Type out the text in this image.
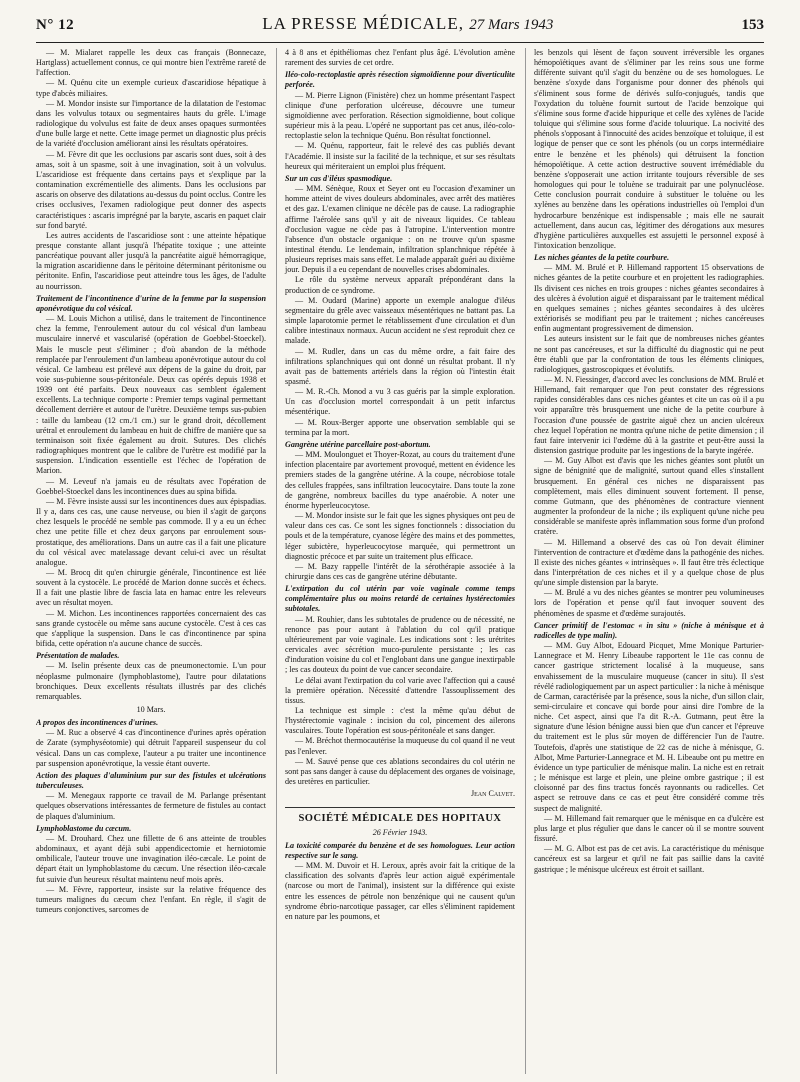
N° 12	LA PRESSE MÉDICALE, 27 Mars 1943	153

— M. Mialaret rappelle les deux cas français (Bonnecaze, Hartglass) actuellement connus, ce qui montre bien l'extrême rareté de l'affection.

— M. Quénu cite un exemple curieux d'ascaridiose hépatique à type d'abcès miliaires.

— M. Mondor insiste sur l'importance de la dilatation de l'estomac dans les volvulus totaux ou segmentaires hauts du grêle. L'image radiologique du volvulus est faite de deux anses opaques surmontées d'une bulle large et nette. Cette image permet un diagnostic plus précis de la variété d'occlusion améliorant ainsi les résultats opératoires.

— M. Fèvre dit que les occlusions par ascaris sont dues, soit à des amas, soit à un spasme, soit à une invagination, soit à un volvulus. L'ascaridiose est fréquente dans certains pays et s'explique par la contamination excrémentielle des aliments. Dans les occlusions par ascaris on observe des dilatations au-dessus du point occlus. Contre les crises occlusives, l'examen radiologique peut donner des aspects caractéristiques : ascaris imprégné par la baryte, ascaris en paquet clair sur fond baryté.

Les autres accidents de l'ascaridiose sont : une atteinte hépatique presque constante allant jusqu'à l'hépatite toxique ; une atteinte pancréatique pouvant aller jusqu'à la pancréatite aiguë hémorragique, la migration ascaridienne dans le péritoine déterminant péritonisme ou péritonite. Enfin, l'ascaridiose peut atteindre tous les âges, de l'adulte au nourrisson.

Traitement de l'incontinence d'urine de la femme par la suspension aponévrotique du col vésical.

— M. Louis Michon a utilisé, dans le traitement de l'incontinence chez la femme, l'enroulement autour du col vésical d'un lambeau musculaire innervé et vascularisé (opération de Goebbel-Stoeckel). Mais le muscle peut s'éliminer ; d'où abandon de la méthode remplacée par l'enroulement d'un lambeau aponévrotique autour du col vésical. Ce lambeau est prélevé aux dépens de la gaine du droit, par voie sus-pubienne sous-péritonéale. Deux cas opérés depuis 1938 et 1939 ont été parfaits. Deux nouveaux cas semblent également excellents. La technique comporte : Premier temps vaginal permettant décollement derrière et autour de l'urètre. Deuxième temps sus-pubien : taille du lambeau (12 cm./1 cm.) sur le grand droit, décollement urétral et enroulement du lambeau en huit de chiffre de manière que sa terminaison soit fixée également au droit. Sutures. Des clichés radiographiques montrent que le calibre de l'urètre est modifié par la suspension. L'indication essentielle est l'échec de l'opération de Marion.

— M. Leveuf n'a jamais eu de résultats avec l'opération de Goebbel-Stoeckel dans les incontinences dues au spina bifida.

— M. Fèvre insiste aussi sur les incontinences dues aux épispadias. Il y a, dans ces cas, une cause nerveuse, ou bien il s'agit de garçons chez lesquels le procédé ne semble pas commode. Il y a eu un échec chez une petite fille et chez deux garçons par enroulement sous-prostatique, des améliorations. Dans un autre cas il a fait une plicature du col vésical avec matelassage devant celui-ci avec un résultat analogue.

— M. Brocq dit qu'en chirurgie générale, l'incontinence est liée souvent à la cystocèle. Le procédé de Marion donne succès et échecs. Il a fait une plastie libre de fascia lata en hamac entre les releveurs avec un résultat moyen.

— M. Michon. Les incontinences rapportées concernaient des cas sans grande cystocèle ou même sans aucune cystocèle. C'est à ces cas que s'applique la suspension. Dans le cas d'incontinence par spina bifida, cette opération n'a aucune chance de succès.

Présentation de malades.

— M. Iselin présente deux cas de pneumonectomie. L'un pour néoplasme pulmonaire (lymphoblastome), l'autre pour dilatations bronchiques. Deux excellents résultats illustrés par des clichés remarquables.

10 Mars.

A propos des incontinences d'urines.

— M. Ruc a observé 4 cas d'incontinence d'urines après opération de Zarate (symphyséotomie) qui détruit l'appareil suspenseur du col vésical. Dans un cas complexe, l'auteur a pu traiter une incontinence par suspension aponévrotique, la vessie étant ouverte.

Action des plaques d'aluminium pur sur des fistules et ulcérations tuberculeuses.

— M. Menegaux rapporte ce travail de M. Parlange présentant quelques observations intéressantes de fermeture de fistules au contact de plaques d'aluminium.

Lymphoblastome du cæcum.

— M. Drouhard. Chez une fillette de 6 ans atteinte de troubles abdominaux, et ayant déjà subi appendicectomie et herniotomie ombilicale, l'auteur trouve une invagination iléo-cæcale. Le point de départ était un lymphoblastome du cæcum. Une résection iléo-cæcale fut suivie d'un heureux résultat maintenu neuf mois après.

— M. Fèvre, rapporteur, insiste sur la relative fréquence des tumeurs malignes du cæcum chez l'enfant. En règle, il s'agit de tumeurs conjonctives, sarcomes de

4 à 8 ans et épithéliomas chez l'enfant plus âgé. L'évolution amène rarement des survies de cet ordre.

Iléo-colo-rectoplastie après résection sigmoïdienne pour diverticulite perforée.

— M. Pierre Lignon (Finistère) chez un homme présentant l'aspect clinique d'une perforation ulcéreuse, découvre une tumeur sigmoïdienne avec perforation. Résection sigmoïdienne, bout colique supérieur mis à la peau. L'opéré ne supportant pas cet anus, iléo-colo-rectoplastie selon la technique Quénu. Bon résultat fonctionnel.

— M. Quénu, rapporteur, fait le relevé des cas publiés devant l'Académie. Il insiste sur la facilité de la technique, et sur ses résultats heureux qui mériteraient un emploi plus fréquent.

Sur un cas d'iléus spasmodique.

— MM. Sénèque, Roux et Seyer ont eu l'occasion d'examiner un homme atteint de vives douleurs abdominales, avec arrêt des matières et des gaz. L'examen clinique ne décèle pas de cause. La radiographie affirme l'aérolée sans qu'il y ait de niveaux liquides. Ce tableau d'occlusion vague ne cède pas à l'atropine. L'intervention montre l'absence d'un obstacle organique : on ne trouve qu'un spasme intestinal étendu. Le lendemain, infiltration splanchnique répétée à plusieurs reprises mais sans effet. Le malade apparaît guéri au dixième jour. Depuis il a eu cependant de nouvelles crises abdominales.

Le rôle du système nerveux apparaît prépondérant dans la production de ce syndrome.

— M. Oudard (Marine) apporte un exemple analogue d'iléus segmentaire du grêle avec vaisseaux mésentériques ne battant pas. La simple laparotomie permet le rétablissement d'une circulation et d'un calibre intestinaux normaux. Aucun accident ne s'est reproduit chez ce malade.

— M. Rudler, dans un cas du même ordre, a fait faire des infiltrations splanchniques qui ont donné un résultat probant. Il n'y avait pas de battements artériels dans la région où l'intestin était spasmé.

— M. R.-Ch. Monod a vu 3 cas guéris par la simple exploration. Un cas d'occlusion mortel correspondait à un petit infarctus mésentérique.

— M. Roux-Berger apporte une observation semblable qui se termina par la mort.

Gangrène utérine parcellaire post-abortum.

— MM. Moulonguet et Thoyer-Rozat, au cours du traitement d'une infection placentaire par avortement provoqué, mettent en évidence les premiers stades de la gangrène utérine. A la coupe, nécrobiose totale des cellules frappées, sans infiltration leucocytaire. Dans toute la zone de gangrène, nombreux bacilles du type anaérobie. A noter une énorme hyperleucocytose.

— M. Mondor insiste sur le fait que les signes physiques ont peu de valeur dans ces cas. Ce sont les signes fonctionnels : dissociation du pouls et de la température, cyanose légère des mains et des pommettes, léger subictère, hyperleucocytose marquée, qui permettront un diagnostic précoce et par suite un traitement plus efficace.

— M. Bazy rappelle l'intérêt de la sérothérapie associée à la chirurgie dans ces cas de gangrène utérine débutante.

L'extirpation du col utérin par voie vaginale comme temps complémentaire plus ou moins retardé de certaines hystérectomies subtotales.

— M. Rouhier, dans les subtotales de prudence ou de nécessité, ne renonce pas pour autant à l'ablation du col qu'il pratique ultérieurement par voie vaginale. Les indications sont : les urétrites cervicales avec sécrétion muco-purulente persistante ; les cas d'induration voisine du col et l'englobant dans une gangue inextirpable ; les cas douteux du point de vue cancer secondaire.

Le délai avant l'extirpation du col varie avec l'affection qui a causé la première opération. Nécessité d'attendre l'assouplissement des tissus.

La technique est simple : c'est la même qu'au début de l'hystérectomie vaginale : incision du col, pincement des ailerons vasculaires. Toute l'opération est sous-péritonéale et sans danger.

— M. Bréchot thermocautérise la muqueuse du col quand il ne veut pas l'enlever.

— M. Sauvé pense que ces ablations secondaires du col utérin ne sont pas sans danger à cause du déplacement des organes de voisinage, des uretères en particulier.

Jean Calvet.

SOCIÉTÉ MÉDICALE DES HOPITAUX

26 Février 1943.

La toxicité comparée du benzène et de ses homologues. Leur action respective sur le sang.

— MM. M. Duvoir et H. Leroux, après avoir fait la critique de la classification des solvants d'après leur action aiguë expérimentale (narcose ou mort de l'animal), insistent sur la différence qui existe entre les essences de pétrole non benzénique qui ne causent qu'un syndrome ébrio-narcotique passager, car elles s'éliminent rapidement en nature par les poumons, et

les benzols qui lèsent de façon souvent irréversible les organes hémopoïétiques avant de s'éliminer par les reins sous une forme différente suivant qu'il s'agit du benzène ou de ses homologues. Le benzène s'oxyde dans l'organisme pour donner des phénols qui s'éliminent sous forme de dérivés sulfo-conjugués, tandis que l'oxydation du toluène fournit surtout de l'acide benzoïque qui s'élimine sous forme d'acide hippurique et celle des xylènes de l'acide toluique qui s'élimine sous forme d'acide toluurique. La nocivité des phénols s'opposant à l'innocuité des acides benzoïque et toluique, il est logique de penser que ce sont les phénols (ou un corps intermédiaire entre le benzène et les phénols) qui détruisent la fonction hémopoïétique. A cette action destructive souvent irrémédiable du benzène s'opposerait une action irritante toujours réversible de ses homologues qui pour le toluène se traduirait par une polynucléose. Cette conclusion pourrait conduire à substituer le toluène ou les xylènes au benzène dans les opérations industrielles où l'emploi d'un hydrocarbure benzénique est indispensable ; mais elle ne saurait actuellement, dans aucun cas, légitimer des dérogations aux mesures d'hygiène particulières auxquelles est assujetti le personnel exposé à l'intoxication benzolique.

Les niches géantes de la petite courbure.

— MM. M. Brulé et P. Hillemand rapportent 15 observations de niches géantes de la petite courbure et en projettent les radiographies. Ils divisent ces niches en trois groupes : niches géantes secondaires à des ulcères à évolution aiguë et disparaissant par le traitement médical en quelques semaines ; niches géantes secondaires à des ulcères extériorisés se modifiant peu par le traitement ; niches cancéreuses enfin augmentant progressivement de dimension.

Les auteurs insistent sur le fait que de nombreuses niches géantes ne sont pas cancéreuses, et sur la difficulté du diagnostic qui ne peut être établi que par la confrontation de tous les éléments cliniques, radiologiques, gastroscopiques et évolutifs.

— M. N. Fiessinger, d'accord avec les conclusions de MM. Brulé et Hillemand, fait remarquer que l'on peut constater des régressions rapides considérables dans ces niches géantes et cite un cas où il a pu voir apparaître très brusquement une niche de la petite courbure à l'occasion d'une poussée de gastrite aiguë chez un ancien ulcéreux chez lequel l'opération ne montra qu'une niche de petite dimension ; il faut faire intervenir ici l'œdème dû à la gastrite et peut-être aussi la distension gastrique produite par les ingestions de la baryte ingérée.

— M. Guy Albot est d'avis que les niches géantes sont plutôt un signe de bénignité que de malignité, surtout quand elles s'installent brusquement. En général ces niches ne disparaissent pas complètement, mais elles diminuent souvent fortement. Il pense, comme Gutmann, que des phénomènes de contracture viennent augmenter la profondeur de la niche ; ils expliquent qu'une niche peu considérable se manifeste après inflammation sous forme d'un profond cratère.

— M. Hillemand a observé des cas où l'on devait éliminer l'intervention de contracture et d'œdème dans la pathogénie des niches. Il existe des niches géantes « intrinsèques ». Il faut être très éclectique dans l'interprétation de ces niches et il y a quelque chose de plus qu'une simple distension par la baryte.

— M. Brulé a vu des niches géantes se montrer peu volumineuses lors de l'opération et pense qu'il faut invoquer souvent des phénomènes de spasme et d'œdème surajoutés.

Cancer primitif de l'estomac « in situ » (niche à ménisque et à radicelles de type malin).

— MM. Guy Albot, Edouard Picquet, Mme Monique Parturier-Lannegrace et M. Henry Libeaube rapportent le 11e cas connu de cancer gastrique strictement localisé à la muqueuse, sans envahissement de la musculaire muqueuse (cancer in situ). Il s'est révélé radiologiquement par un aspect particulier : la niche à ménisque de Carman, caractérisée par la présence, sous la niche, d'un sillon clair, semi-circulaire et concave qui borde pour ainsi dire l'ombre de la niche. Cet aspect, ainsi que l'a dit R.-A. Gutmann, peut être la signature d'une lésion bénigne aussi bien que d'un cancer et l'épreuve du traitement est le plus sûr moyen de différencier l'un de l'autre. Toutefois, d'après une statistique de 22 cas de niche à ménisque, G. Albot, Mme Parturier-Lannegrace et M. H. Libeaube ont pu mettre en évidence un type particulier de ménisque malin. La niche est en retrait ; le ménisque est large et plein, une pleine ombre gastrique ; il est cloisonné par des fins tractus foncés rayonnants ou radicelles. Cet aspect se retrouve dans ce cas et peut être considéré comme très suspect de malignité.

— M. Hillemand fait remarquer que le ménisque en ca d'ulcère est plus large et plus régulier que dans le cancer où il se montre souvent fissuré.

— M. G. Albot est pas de cet avis. La caractéristique du ménisque cancéreux est sa largeur et qu'il ne fait pas saillie dans la cavité gastrique ; le ménisque ulcéreux est étroit et saillant.
